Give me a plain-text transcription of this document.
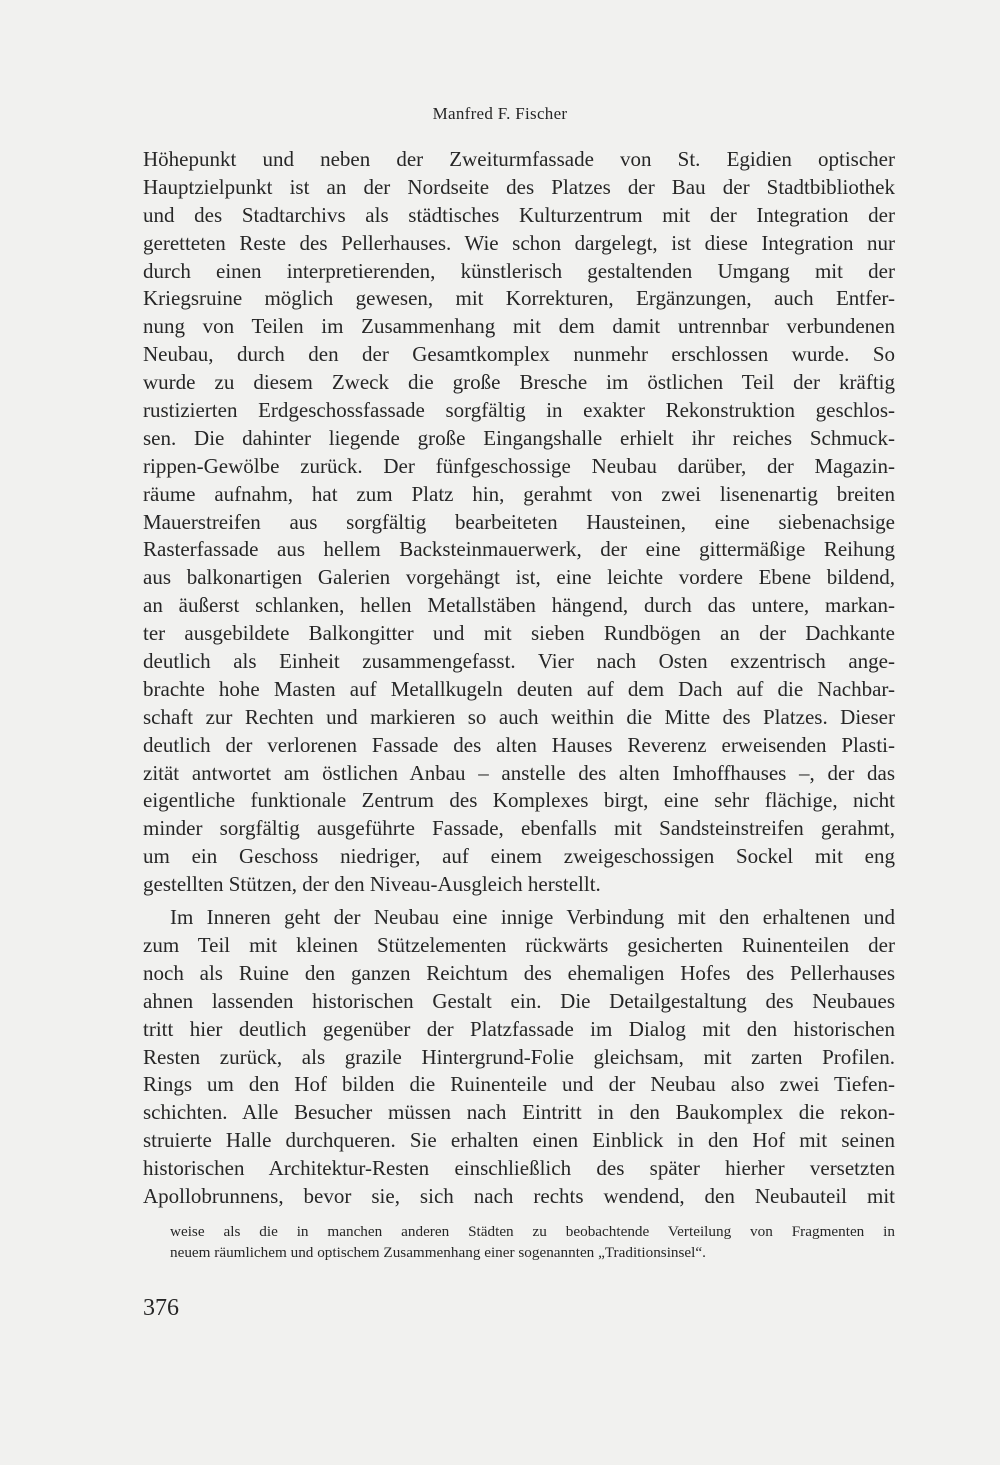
Manfred F. Fischer
Höhepunkt und neben der Zweiturmfassade von St. Egidien optischer
Hauptzielpunkt ist an der Nordseite des Platzes der Bau der Stadtbibliothek
und des Stadtarchivs als städtisches Kulturzentrum mit der Integration der
geretteten Reste des Pellerhauses. Wie schon dargelegt, ist diese Integration nur
durch einen interpretierenden, künstlerisch gestaltenden Umgang mit der
Kriegsruine möglich gewesen, mit Korrekturen, Ergänzungen, auch Entfer-
nung von Teilen im Zusammenhang mit dem damit untrennbar verbundenen
Neubau, durch den der Gesamtkomplex nunmehr erschlossen wurde. So
wurde zu diesem Zweck die große Bresche im östlichen Teil der kräftig
rustizierten Erdgeschossfassade sorgfältig in exakter Rekonstruktion geschlos-
sen. Die dahinter liegende große Eingangshalle erhielt ihr reiches Schmuck-
rippen-Gewölbe zurück. Der fünfgeschossige Neubau darüber, der Magazin-
räume aufnahm, hat zum Platz hin, gerahmt von zwei lisenenartig breiten
Mauerstreifen aus sorgfältig bearbeiteten Hausteinen, eine siebenachsige
Rasterfassade aus hellem Backsteinmauerwerk, der eine gittermäßige Reihung
aus balkonartigen Galerien vorgehängt ist, eine leichte vordere Ebene bildend,
an äußerst schlanken, hellen Metallstäben hängend, durch das untere, markan-
ter ausgebildete Balkongitter und mit sieben Rundbögen an der Dachkante
deutlich als Einheit zusammengefasst. Vier nach Osten exzentrisch ange-
brachte hohe Masten auf Metallkugeln deuten auf dem Dach auf die Nachbar-
schaft zur Rechten und markieren so auch weithin die Mitte des Platzes. Dieser
deutlich der verlorenen Fassade des alten Hauses Reverenz erweisenden Plasti-
zität antwortet am östlichen Anbau – anstelle des alten Imhoffhauses –, der das
eigentliche funktionale Zentrum des Komplexes birgt, eine sehr flächige, nicht
minder sorgfältig ausgeführte Fassade, ebenfalls mit Sandsteinstreifen gerahmt,
um ein Geschoss niedriger, auf einem zweigeschossigen Sockel mit eng
gestellten Stützen, der den Niveau-Ausgleich herstellt.
Im Inneren geht der Neubau eine innige Verbindung mit den erhaltenen und
zum Teil mit kleinen Stützelementen rückwärts gesicherten Ruinenteilen der
noch als Ruine den ganzen Reichtum des ehemaligen Hofes des Pellerhauses
ahnen lassenden historischen Gestalt ein. Die Detailgestaltung des Neubaues
tritt hier deutlich gegenüber der Platzfassade im Dialog mit den historischen
Resten zurück, als grazile Hintergrund-Folie gleichsam, mit zarten Profilen.
Rings um den Hof bilden die Ruinenteile und der Neubau also zwei Tiefen-
schichten. Alle Besucher müssen nach Eintritt in den Baukomplex die rekon-
struierte Halle durchqueren. Sie erhalten einen Einblick in den Hof mit seinen
historischen Architektur-Resten einschließlich des später hierher versetzten
Apollobrunnens, bevor sie, sich nach rechts wendend, den Neubauteil mit
weise als die in manchen anderen Städten zu beobachtende Verteilung von Fragmenten in
neuem räumlichem und optischem Zusammenhang einer sogenannten „Traditionsinsel“.
376
